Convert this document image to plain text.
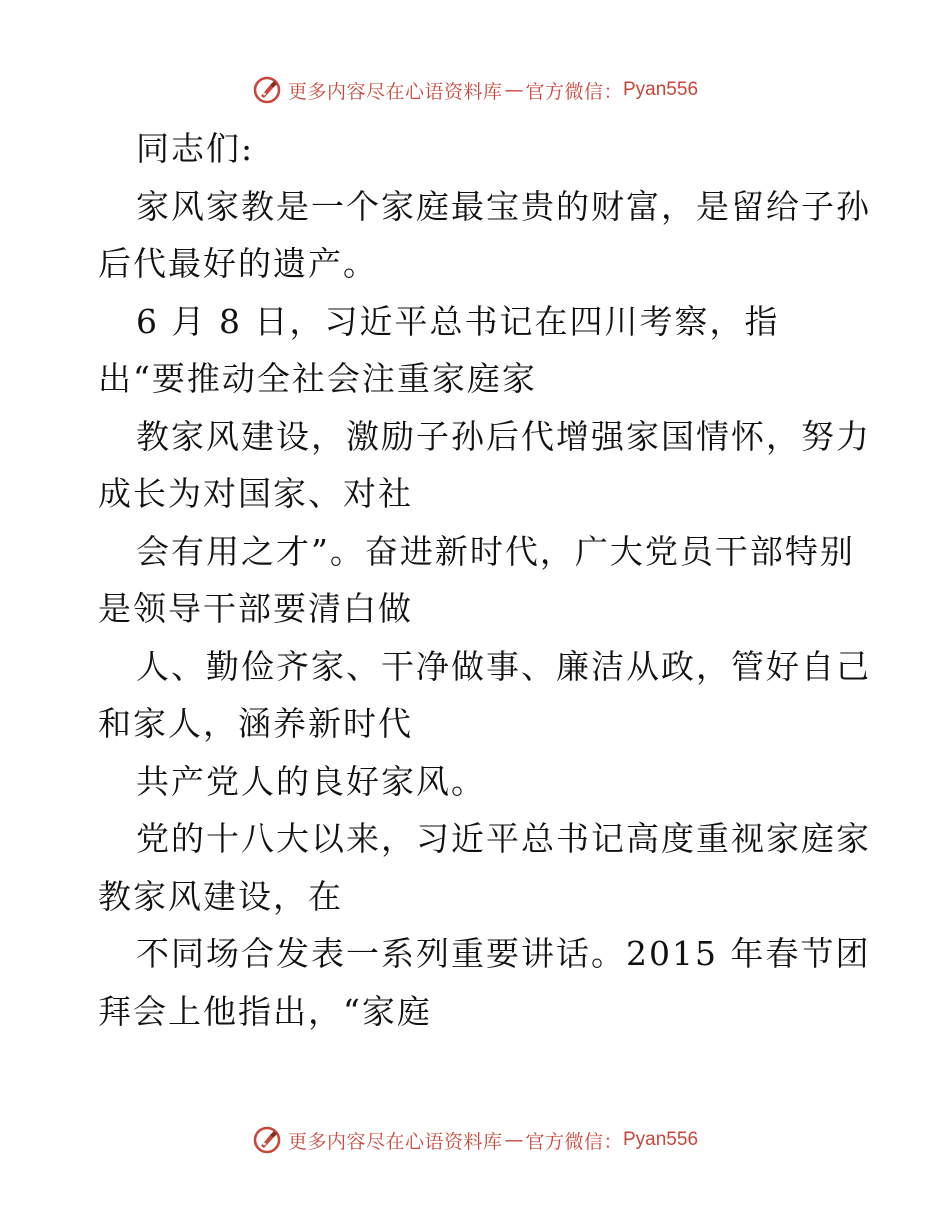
更多内容尽在心语资料库 — 官方微信： Pyan556
同志们:
家风家教是一个家庭最宝贵的财富，是留给子孙
后代最好的遗产。
6 月 8 日，习近平总书记在四川考察，指
出“要推动全社会注重家庭家
教家风建设，激励子孙后代增强家国情怀，努力
成长为对国家、对社
会有用之才”。奋进新时代，广大党员干部特别
是领导干部要清白做
人、勤俭齐家、干净做事、廉洁从政，管好自己
和家人，涵养新时代
共产党人的良好家风。
党的十八大以来，习近平总书记高度重视家庭家
教家风建设，在
不同场合发表一系列重要讲话。2015 年春节团
拜会上他指出，“家庭
更多内容尽在心语资料库 — 官方微信： Pyan556
